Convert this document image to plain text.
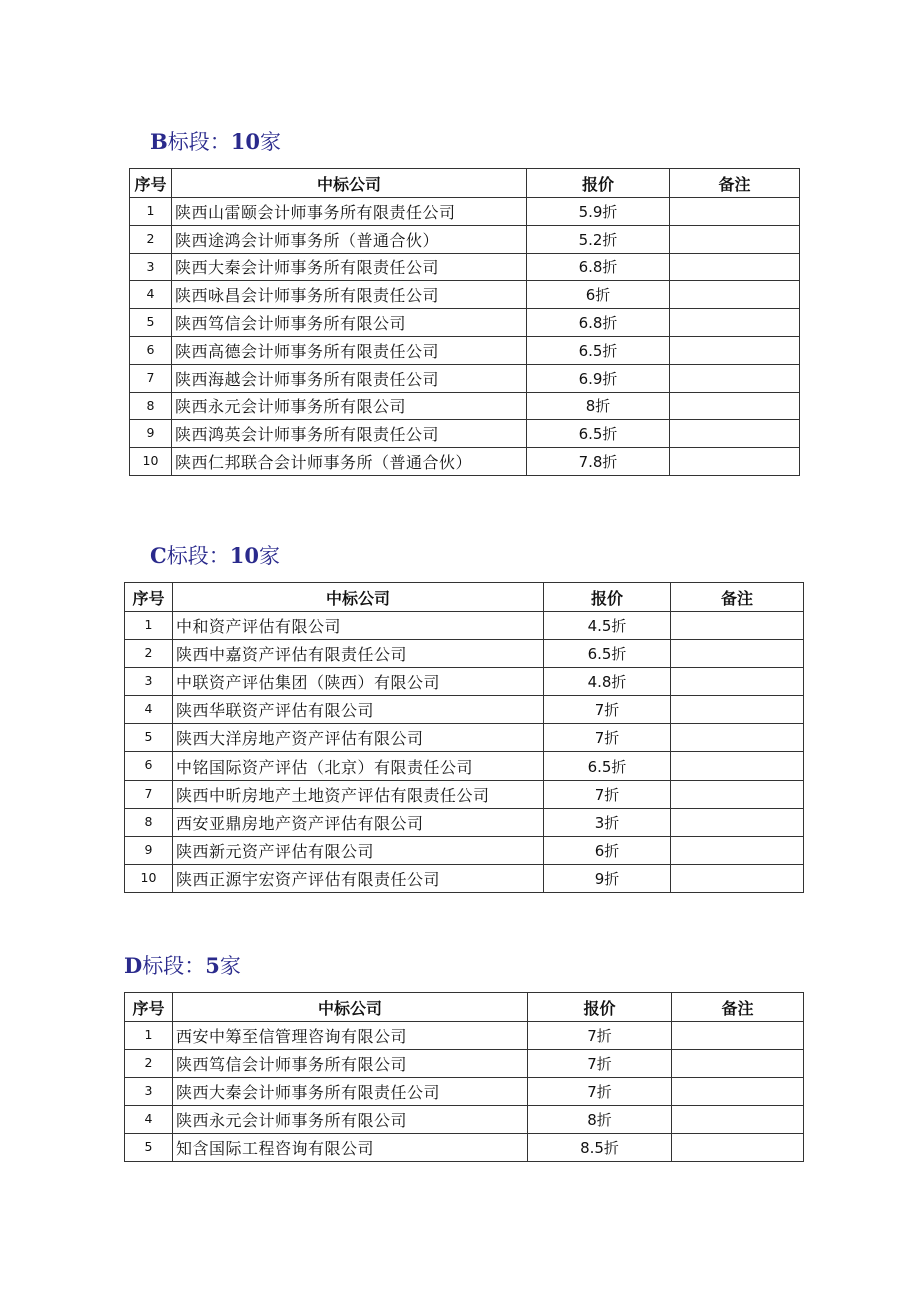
B标段：10家
序号	中标公司	报价	备注
1	陕西山雷颐会计师事务所有限责任公司	5.9折	
2	陕西途鸿会计师事务所（普通合伙）	5.2折	
3	陕西大秦会计师事务所有限责任公司	6.8折	
4	陕西咏昌会计师事务所有限责任公司	6折	
5	陕西笃信会计师事务所有限公司	6.8折	
6	陕西高德会计师事务所有限责任公司	6.5折	
7	陕西海越会计师事务所有限责任公司	6.9折	
8	陕西永元会计师事务所有限公司	8折	
9	陕西鸿英会计师事务所有限责任公司	6.5折	
10	陕西仁邦联合会计师事务所（普通合伙）	7.8折	
C标段：10家
序号	中标公司	报价	备注
1	中和资产评估有限公司	4.5折	
2	陕西中嘉资产评估有限责任公司	6.5折	
3	中联资产评估集团（陕西）有限公司	4.8折	
4	陕西华联资产评估有限公司	7折	
5	陕西大洋房地产资产评估有限公司	7折	
6	中铭国际资产评估（北京）有限责任公司	6.5折	
7	陕西中昕房地产土地资产评估有限责任公司	7折	
8	西安亚鼎房地产资产评估有限公司	3折	
9	陕西新元资产评估有限公司	6折	
10	陕西正源宇宏资产评估有限责任公司	9折	
D标段：5家
序号	中标公司	报价	备注
1	西安中筹至信管理咨询有限公司	7折	
2	陕西笃信会计师事务所有限公司	7折	
3	陕西大秦会计师事务所有限责任公司	7折	
4	陕西永元会计师事务所有限公司	8折	
5	知含国际工程咨询有限公司	8.5折	
